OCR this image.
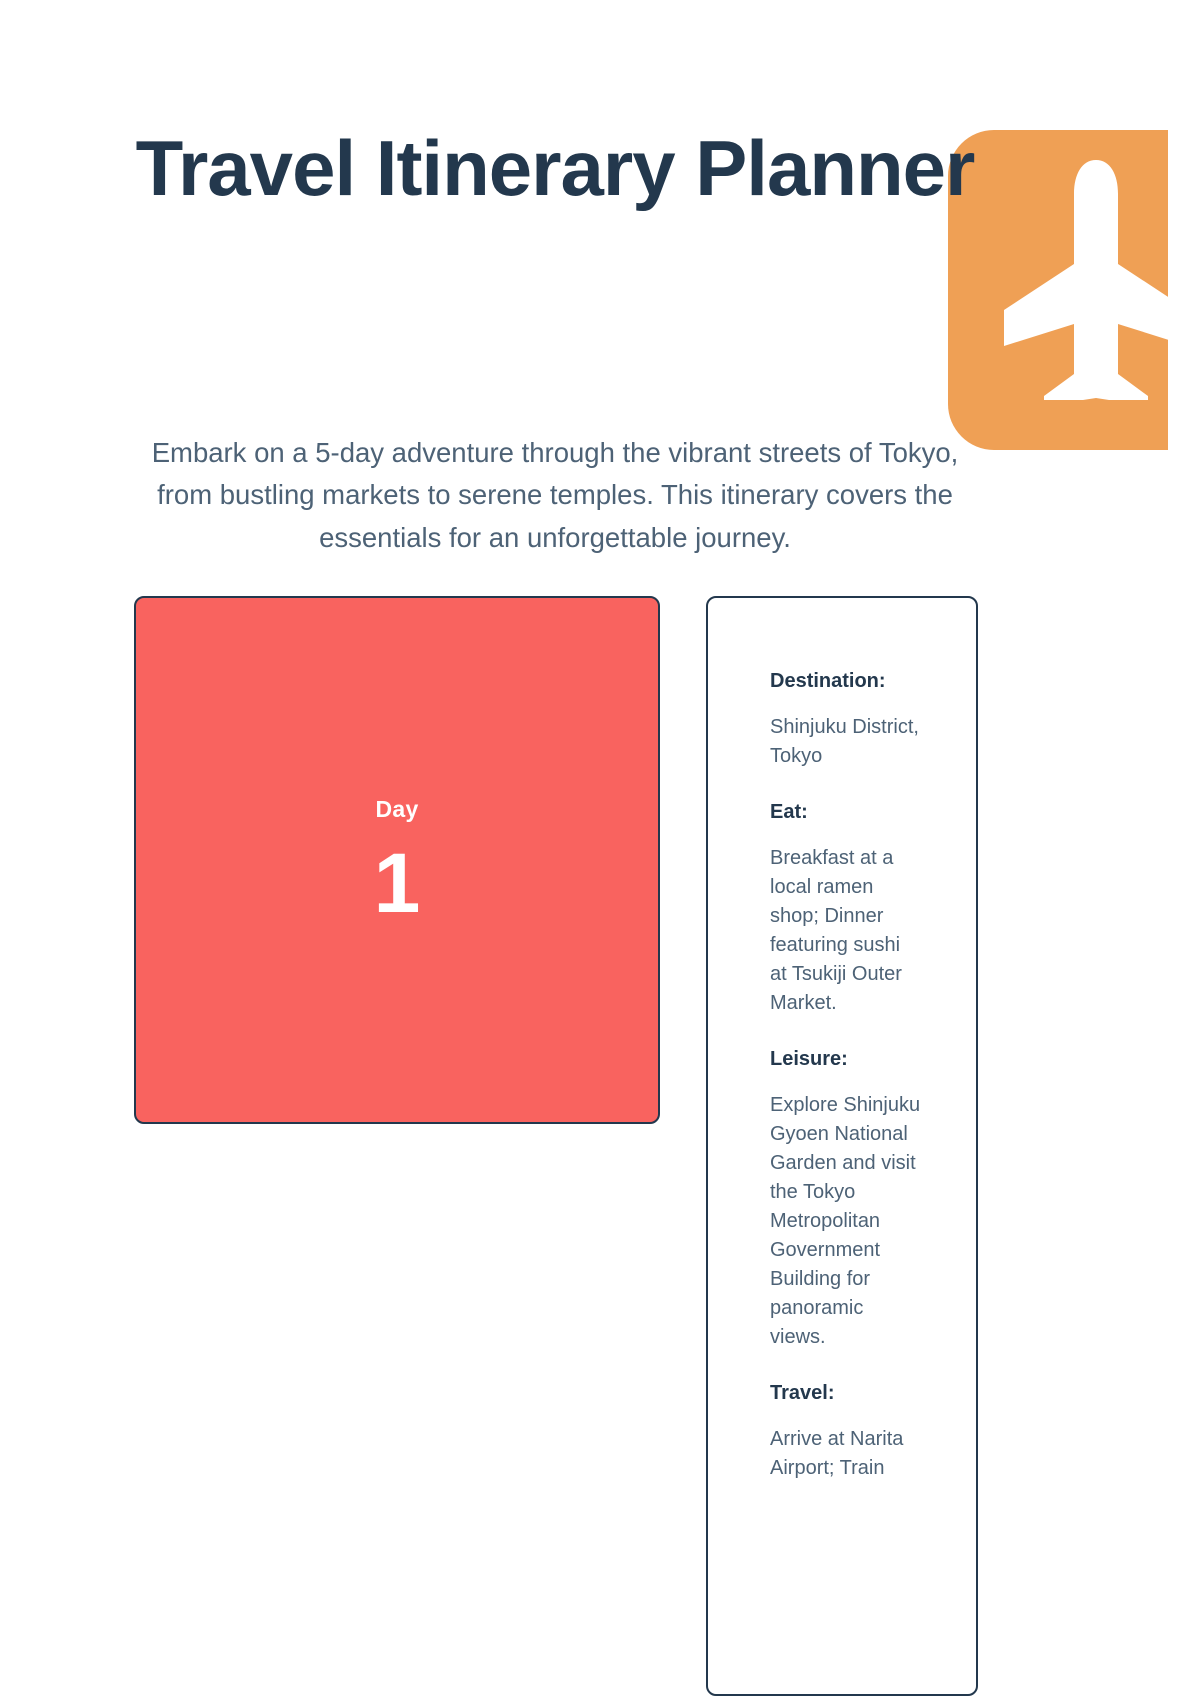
Travel Itinerary Planner

Embark on a 5-day adventure through the vibrant streets of Tokyo, from bustling markets to serene temples. This itinerary covers the essentials for an unforgettable journey.

Day
1
Destination:
Shinjuku District, Tokyo
Eat:
Breakfast at a local ramen shop; Dinner featuring sushi at Tsukiji Outer Market.
Leisure:
Explore Shinjuku Gyoen National Garden and visit the Tokyo Metropolitan Government Building for panoramic views.
Travel:
Arrive at Narita Airport; Train
